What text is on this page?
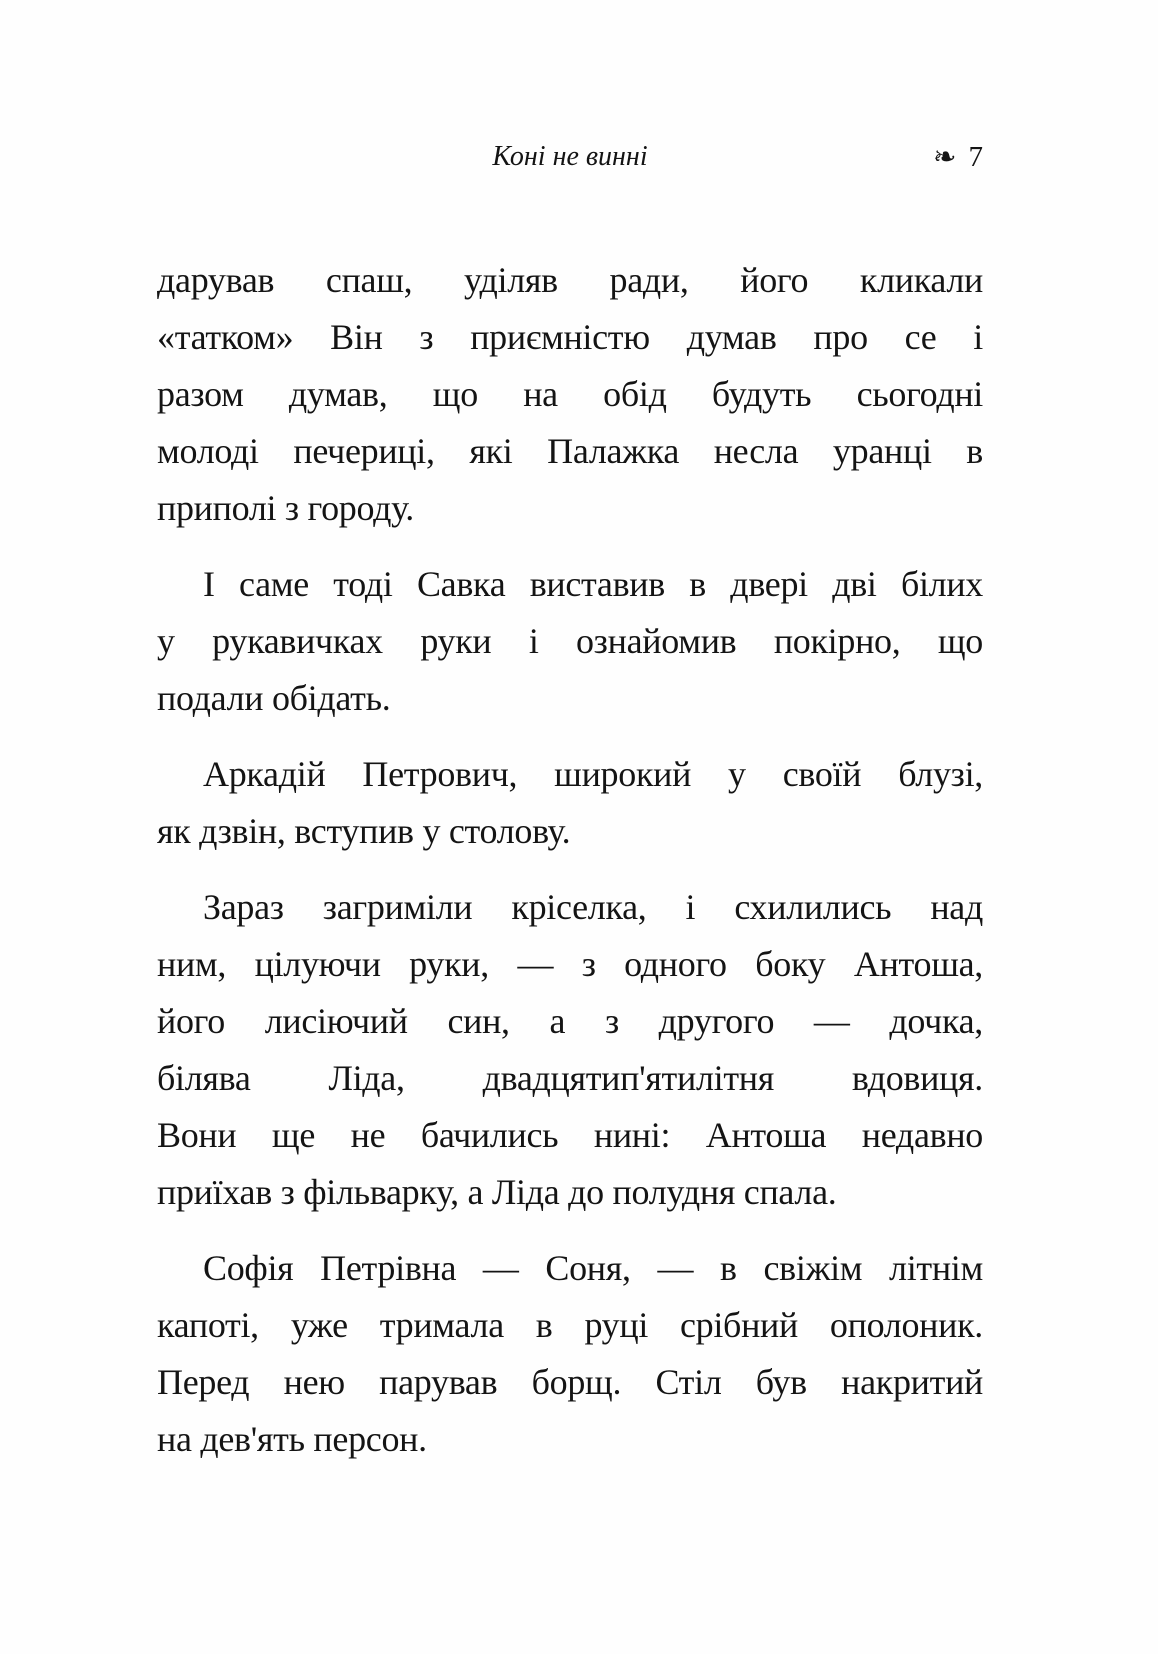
Коні не винні	❧ 7
дарував спаш, уділяв ради, його кликали
«татком» Він з приємністю думав про се і
разом думав, що на обід будуть сьогодні
молоді печериці, які Палажка несла уранці в
приполі з городу.
І саме тоді Савка виставив в двері дві білих
у рукавичках руки і ознайомив покірно, що
подали обідать.
Аркадій Петрович, широкий у своїй блузі,
як дзвін, вступив у столову.
Зараз загриміли кріселка, і схилились над
ним, цілуючи руки, — з одного боку Антоша,
його лисіючий син, а з другого — дочка,
білява Ліда, двадцятип'ятилітня вдовиця.
Вони ще не бачились нині: Антоша недавно
приїхав з фільварку, а Ліда до полудня спала.
Софія Петрівна — Соня, — в свіжім літнім
капоті, уже тримала в руці срібний ополоник.
Перед нею парував борщ. Стіл був накритий
на дев'ять персон.
